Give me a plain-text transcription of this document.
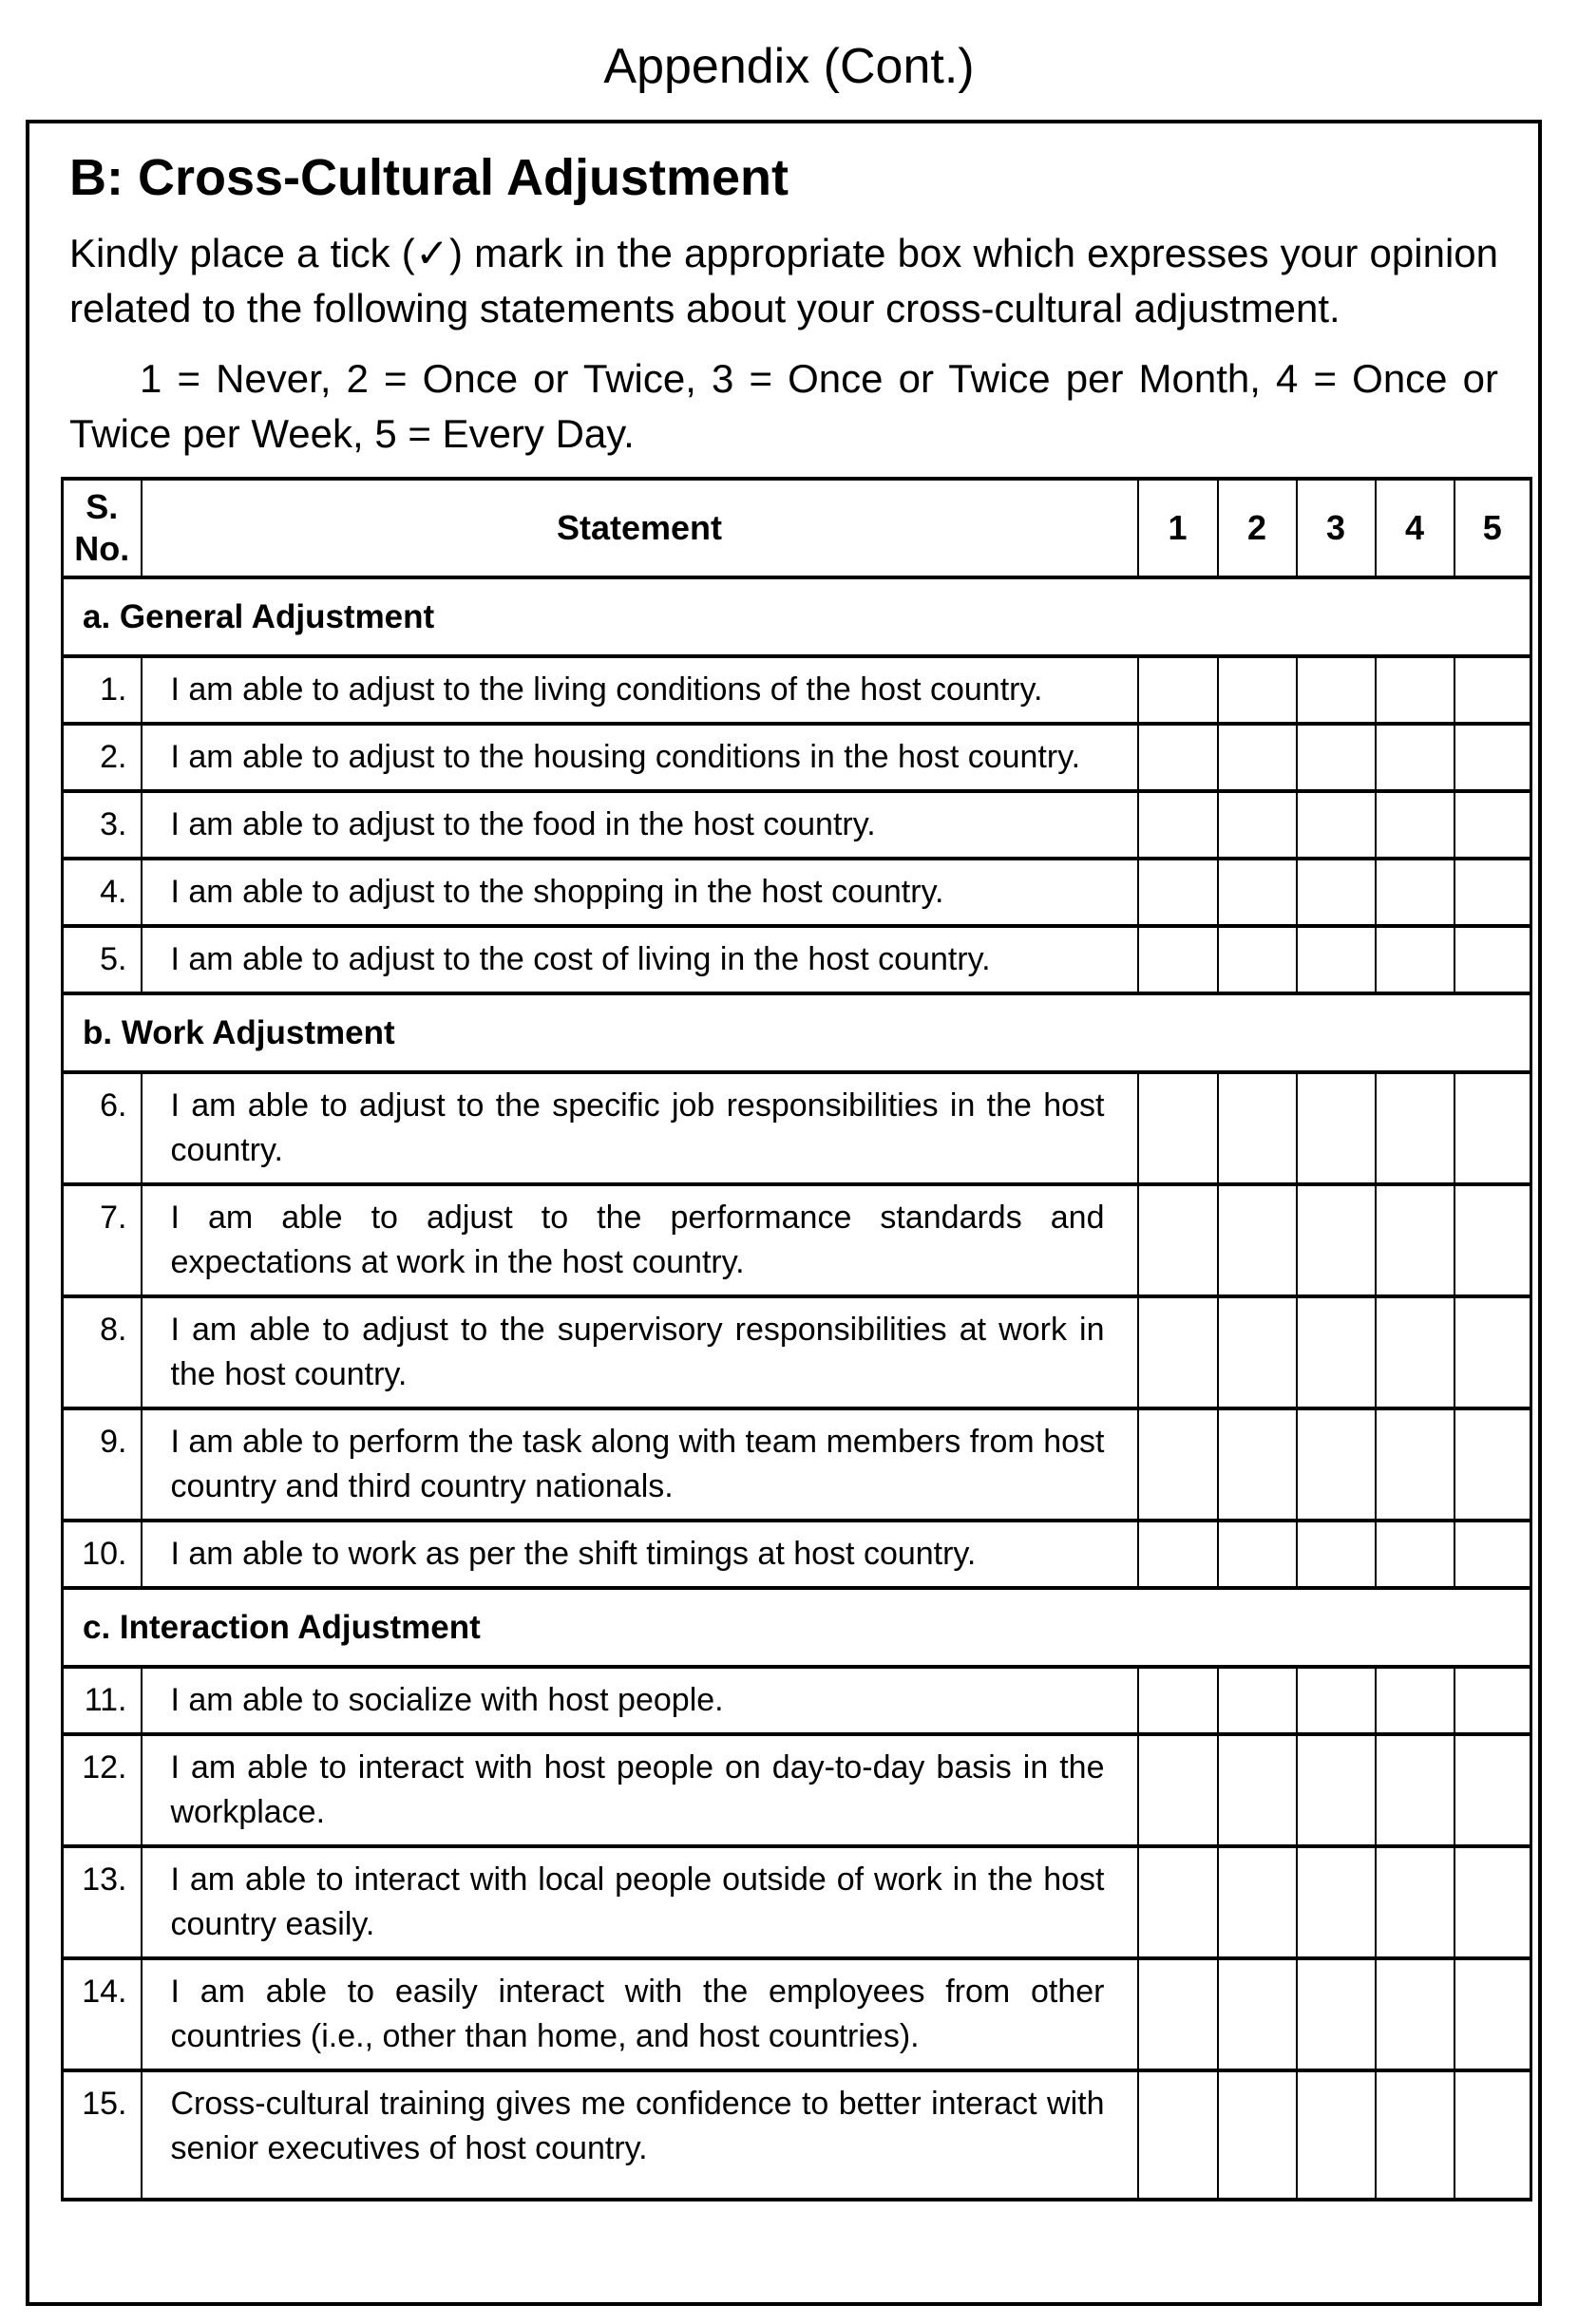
Appendix (Cont.)
B: Cross-Cultural Adjustment

Kindly place a tick (✓) mark in the appropriate box which expresses your opinion related to the following statements about your cross-cultural adjustment.

1 = Never, 2 = Once or Twice, 3 = Once or Twice per Month, 4 = Once or Twice per Week, 5 = Every Day.

S. No.	Statement	1	2	3	4	5
a. General Adjustment						
1.	I am able to adjust to the living conditions of the host country.					
2.	I am able to adjust to the housing conditions in the host country.					
3.	I am able to adjust to the food in the host country.					
4.	I am able to adjust to the shopping in the host country.					
5.	I am able to adjust to the cost of living in the host country.					
b. Work Adjustment						
6.	I am able to adjust to the specific job responsibilities in the host country.					
7.	I am able to adjust to the performance standards and expectations at work in the host country.					
8.	I am able to adjust to the supervisory responsibilities at work in the host country.					
9.	I am able to perform the task along with team members from host country and third country nationals.					
10.	I am able to work as per the shift timings at host country.					
c. Interaction Adjustment						
11.	I am able to socialize with host people.					
12.	I am able to interact with host people on day-to-day basis in the workplace.					
13.	I am able to interact with local people outside of work in the host country easily.					
14.	I am able to easily interact with the employees from other countries (i.e., other than home, and host countries).					
15.	Cross-cultural training gives me confidence to better interact with senior executives of host country.					
